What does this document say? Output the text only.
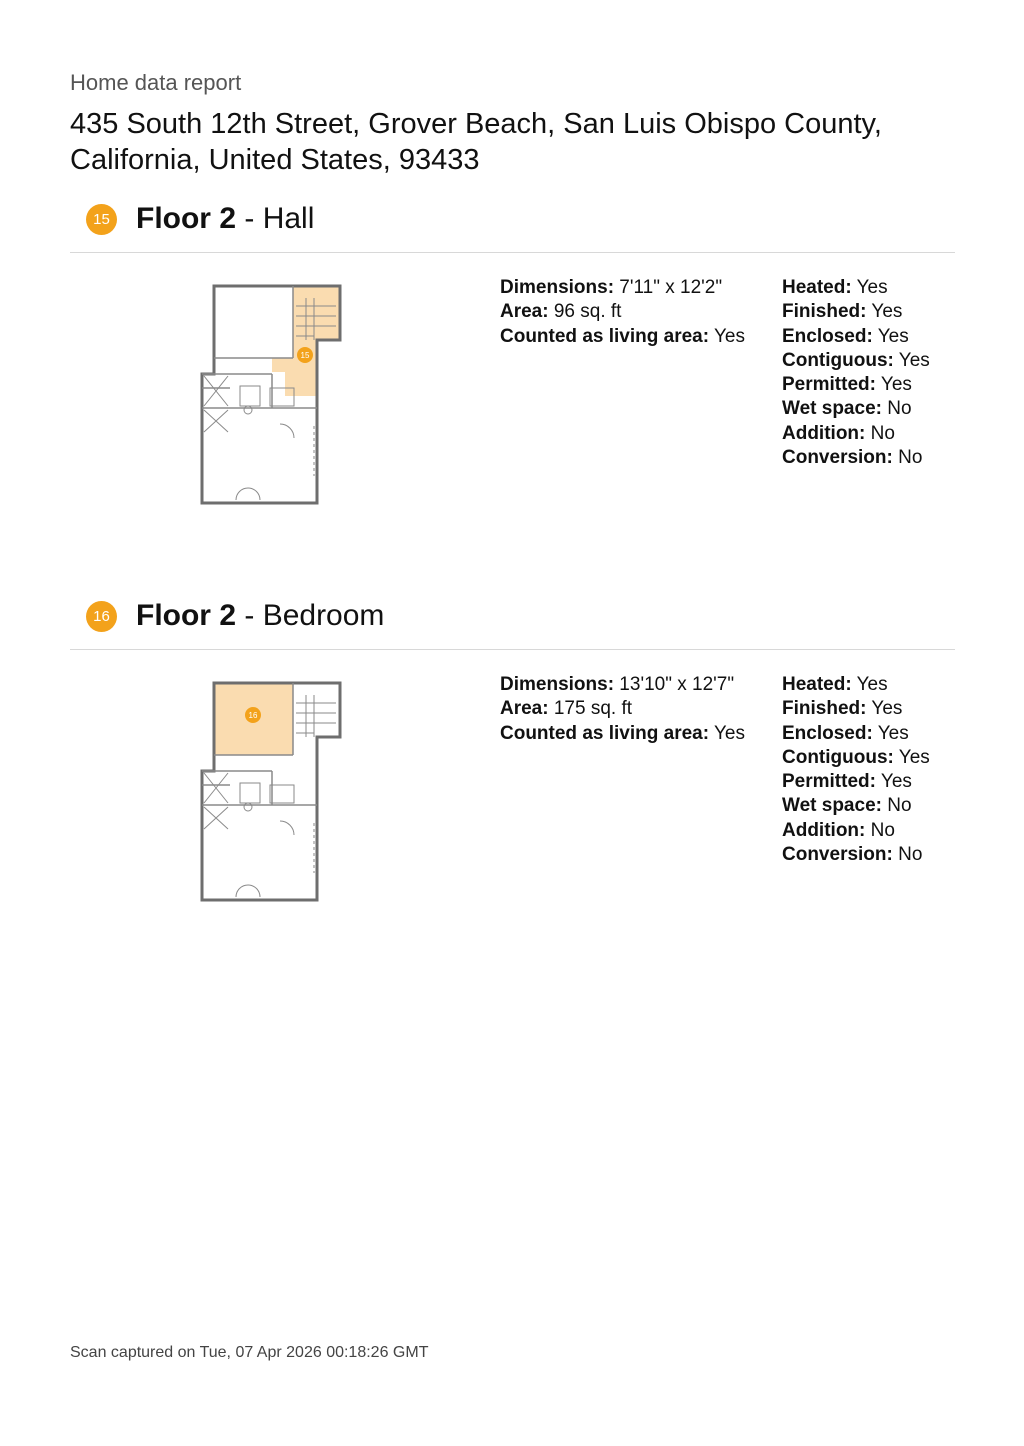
Home data report
435 South 12th Street, Grover Beach, San Luis Obispo County, California, United States, 93433
15 Floor 2 - Hall
15
Dimensions: 7'11" x 12'2"
Area: 96 sq. ft
Counted as living area: Yes
Heated: Yes
Finished: Yes
Enclosed: Yes
Contiguous: Yes
Permitted: Yes
Wet space: No
Addition: No
Conversion: No
16 Floor 2 - Bedroom
16
Dimensions: 13'10" x 12'7"
Area: 175 sq. ft
Counted as living area: Yes
Heated: Yes
Finished: Yes
Enclosed: Yes
Contiguous: Yes
Permitted: Yes
Wet space: No
Addition: No
Conversion: No
Scan captured on Tue, 07 Apr 2026 00:18:26 GMT
